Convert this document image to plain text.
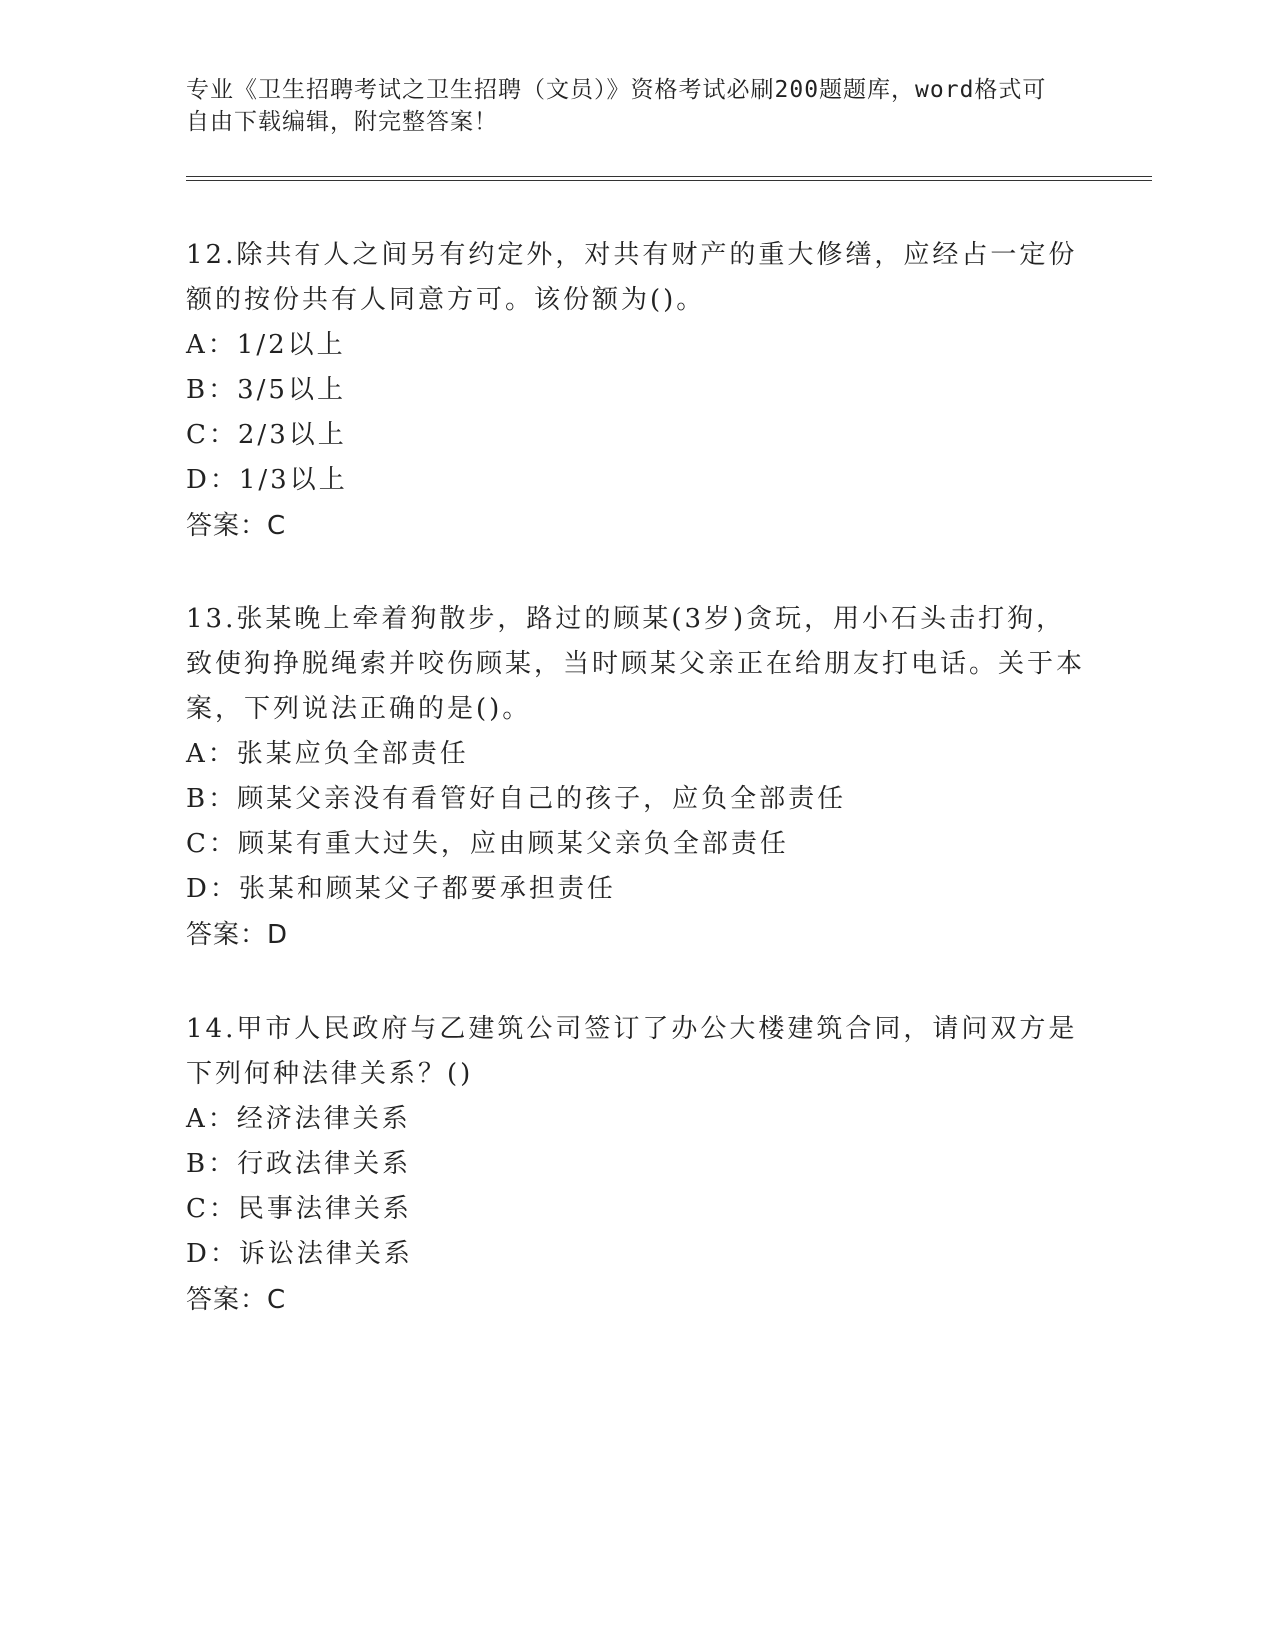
专业《卫生招聘考试之卫生招聘（文员）》资格考试必刷200题题库，word格式可自由下载编辑，附完整答案！

12.除共有人之间另有约定外，对共有财产的重大修缮，应经占一定份额的按份共有人同意方可。该份额为()。

A：1/2以上

B：3/5以上

C：2/3以上

D：1/3以上

答案：C

13.张某晚上牵着狗散步，路过的顾某(3岁)贪玩，用小石头击打狗，致使狗挣脱绳索并咬伤顾某，当时顾某父亲正在给朋友打电话。关于本案，下列说法正确的是()。

A：张某应负全部责任

B：顾某父亲没有看管好自己的孩子，应负全部责任

C：顾某有重大过失，应由顾某父亲负全部责任

D：张某和顾某父子都要承担责任

答案：D

14.甲市人民政府与乙建筑公司签订了办公大楼建筑合同，请问双方是下列何种法律关系？()

A：经济法律关系

B：行政法律关系

C：民事法律关系

D：诉讼法律关系

答案：C
